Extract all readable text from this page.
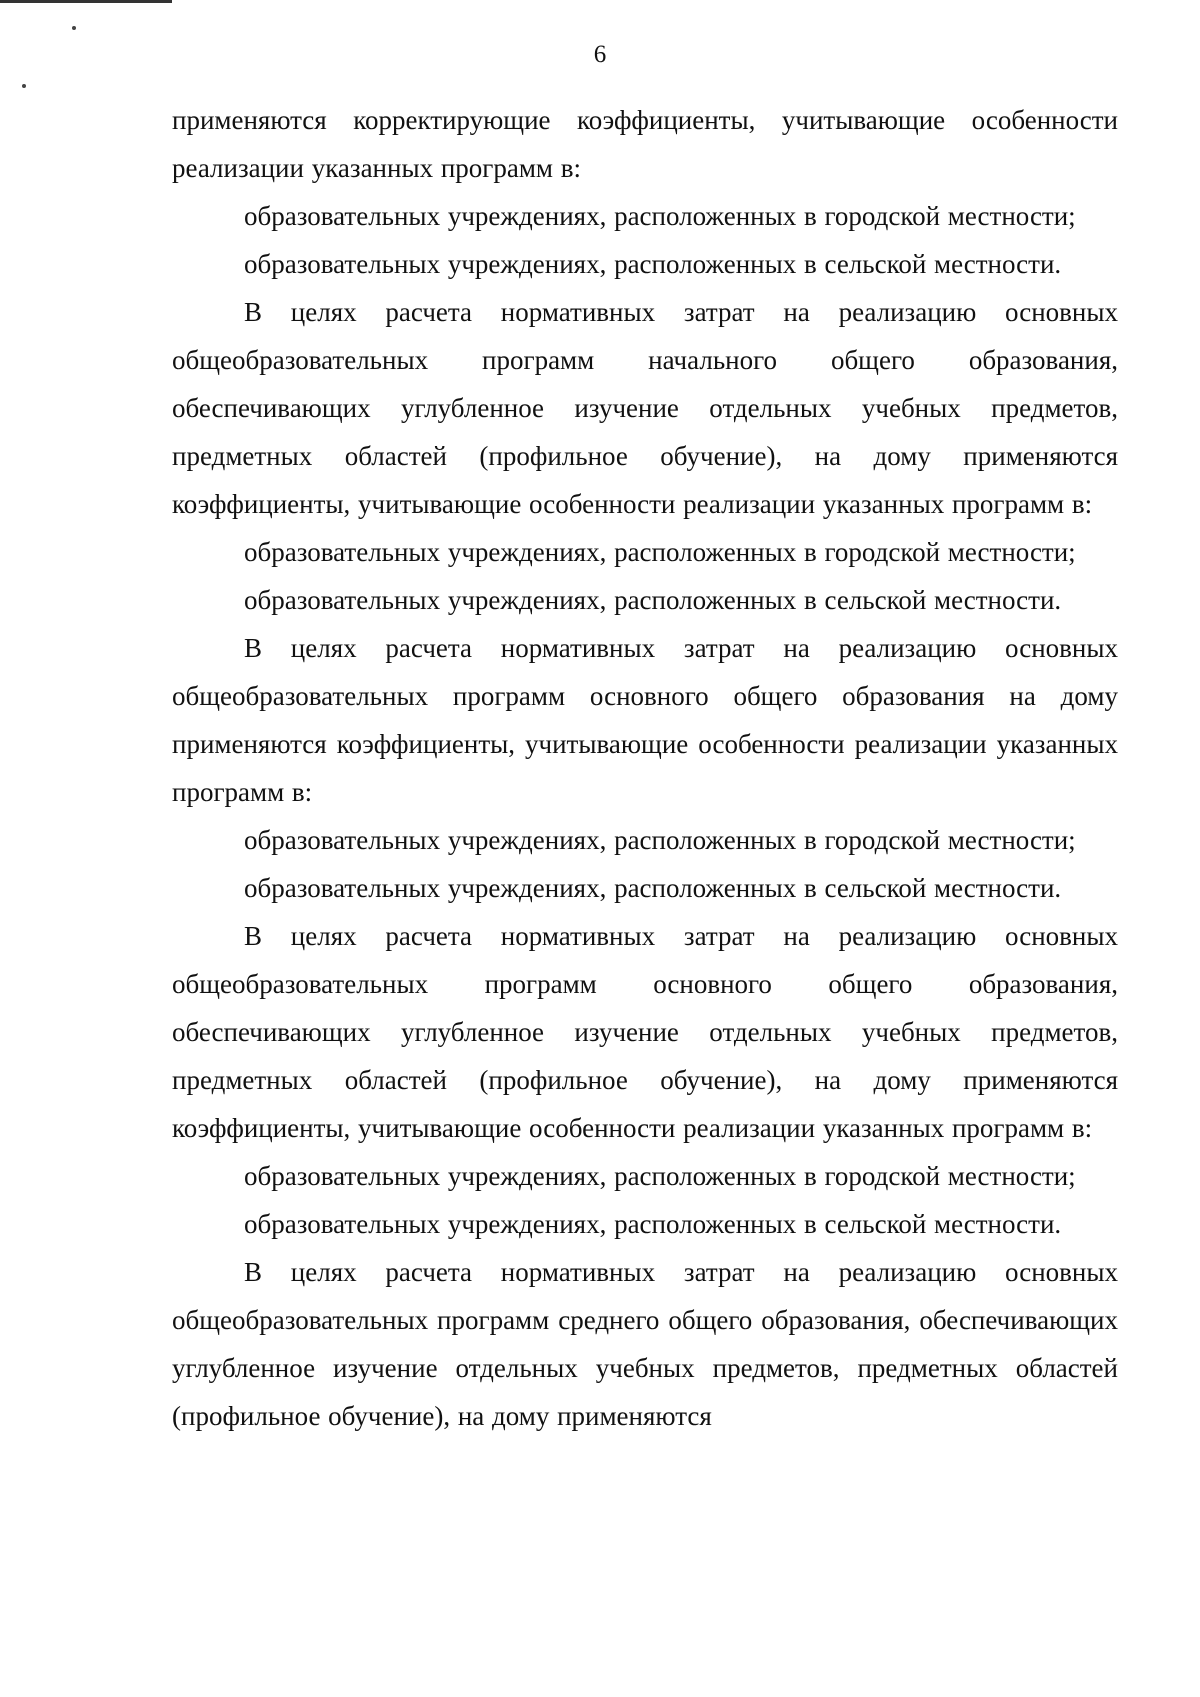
6

применяются корректирующие коэффициенты, учитывающие особенности реализации указанных программ в:

образовательных учреждениях, расположенных в городской местности;

образовательных учреждениях, расположенных в сельской местности.

В целях расчета нормативных затрат на реализацию основных общеобразовательных программ начального общего образования, обеспечивающих углубленное изучение отдельных учебных предметов, предметных областей (профильное обучение), на дому применяются коэффициенты, учитывающие особенности реализации указанных программ в:

образовательных учреждениях, расположенных в городской местности;

образовательных учреждениях, расположенных в сельской местности.

В целях расчета нормативных затрат на реализацию основных общеобразовательных программ основного общего образования на дому применяются коэффициенты, учитывающие особенности реализации указанных программ в:

образовательных учреждениях, расположенных в городской местности;

образовательных учреждениях, расположенных в сельской местности.

В целях расчета нормативных затрат на реализацию основных общеобразовательных программ основного общего образования, обеспечивающих углубленное изучение отдельных учебных предметов, предметных областей (профильное обучение), на дому применяются коэффициенты, учитывающие особенности реализации указанных программ в:

образовательных учреждениях, расположенных в городской местности;

образовательных учреждениях, расположенных в сельской местности.

В целях расчета нормативных затрат на реализацию основных общеобразовательных программ среднего общего образования, обеспечивающих углубленное изучение отдельных учебных предметов, предметных областей (профильное обучение), на дому применяются
